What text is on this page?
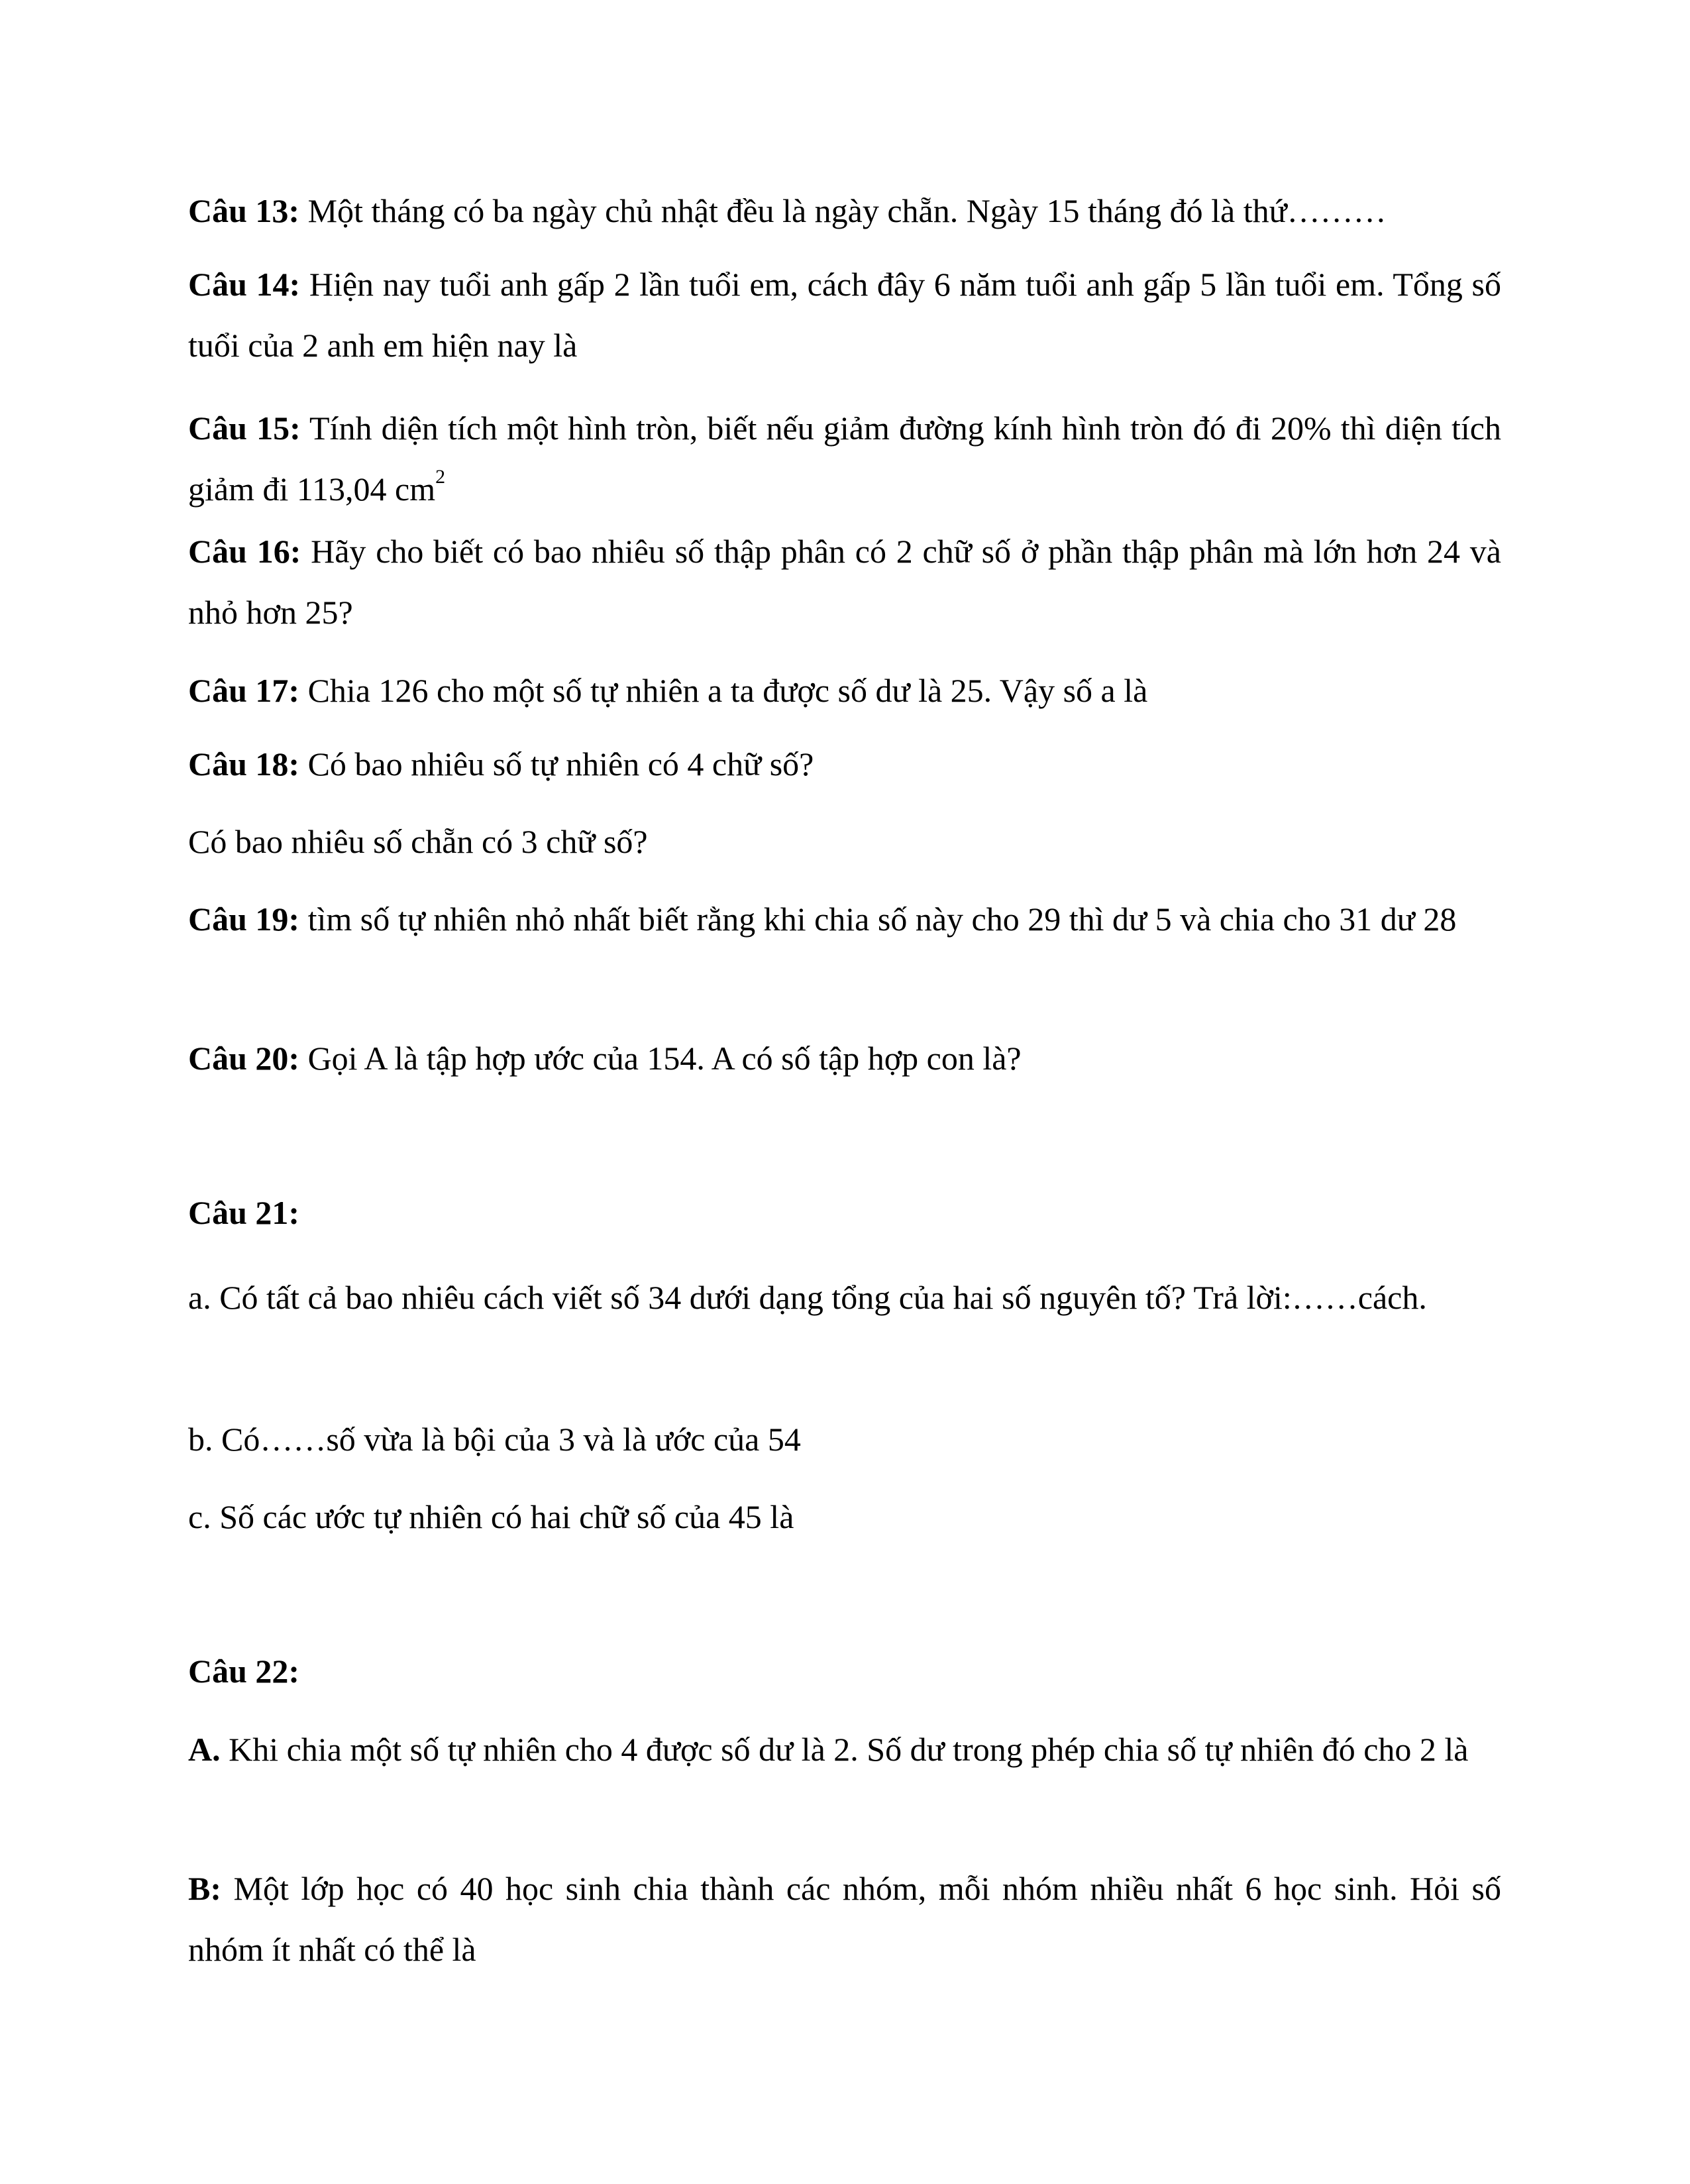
Câu 13: Một tháng có ba ngày chủ nhật đều là ngày chẵn. Ngày 15 tháng đó là thứ………

Câu 14: Hiện nay tuổi anh gấp 2 lần tuổi em, cách đây 6 năm tuổi anh gấp 5 lần tuổi em. Tổng số tuổi của 2 anh em hiện nay là

Câu 15: Tính diện tích một hình tròn, biết nếu giảm đường kính hình tròn đó đi 20% thì diện tích giảm đi 113,04 $cm^2$

Câu 16: Hãy cho biết có bao nhiêu số thập phân có 2 chữ số ở phần thập phân mà lớn hơn 24 và nhỏ hơn 25?

Câu 17: Chia 126 cho một số tự nhiên a ta được số dư là 25. Vậy số a là

Câu 18: Có bao nhiêu số tự nhiên có 4 chữ số?

Có bao nhiêu số chẵn có 3 chữ số?

Câu 19: tìm số tự nhiên nhỏ nhất biết rằng khi chia số này cho 29 thì dư 5 và chia cho 31 dư 28

Câu 20: Gọi A là tập hợp ước của 154. A có số tập hợp con là?

Câu 21:

a. Có tất cả bao nhiêu cách viết số 34 dưới dạng tổng của hai số nguyên tố? Trả lời:……cách.

b. Có……số vừa là bội của 3 và là ước của 54

c. Số các ước tự nhiên có hai chữ số của 45 là

Câu 22:

A. Khi chia một số tự nhiên cho 4 được số dư là 2. Số dư trong phép chia số tự nhiên đó cho 2 là

B: Một lớp học có 40 học sinh chia thành các nhóm, mỗi nhóm nhiều nhất 6 học sinh. Hỏi số nhóm ít nhất có thể là
